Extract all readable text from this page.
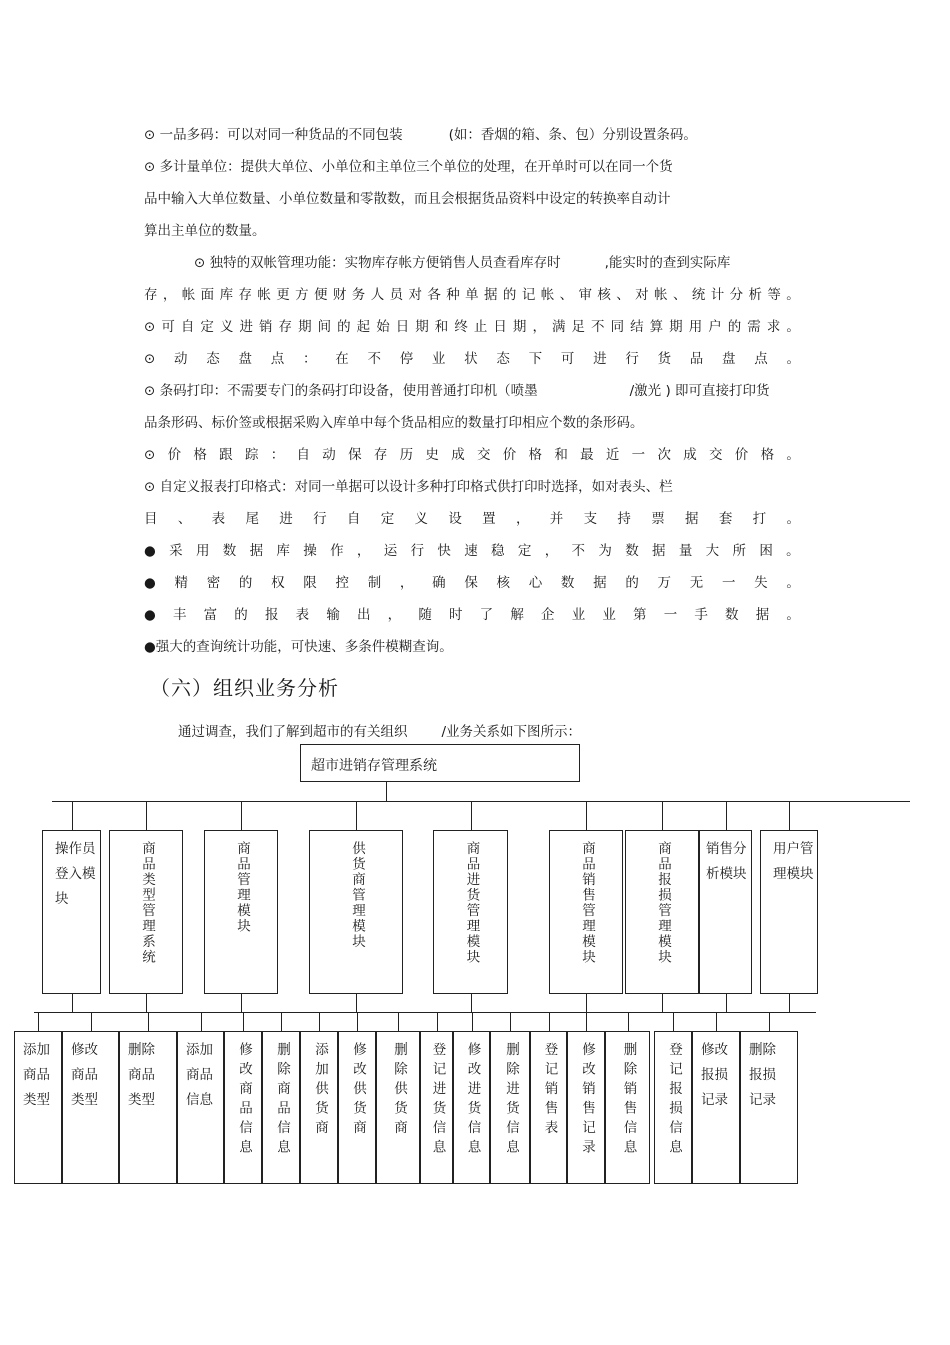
⊙ 一品多码：可以对同一种货品的不同包装	(如：香烟的箱、条、包）分别设置条码。
⊙ 多计量单位：提供大单位、小单位和主单位三个单位的处理，在开单时可以在同一个货
品中输入大单位数量、小单位数量和零散数，而且会根据货品资料中设定的转换率自动计
算出主单位的数量。
⊙ 独特的双帐管理功能：实物库存帐方便销售人员查看库存时	,能实时的查到实际库
存 ， 帐 面 库 存 帐 更 方 便 财 务 人 员 对 各 种 单 据 的 记 帐 、 审 核 、 对 帐 、 统 计 分 析 等 。
⊙ 可 自 定 义 进 销 存 期 间 的 起 始 日 期 和 终 止 日 期 ， 满 足 不 同 结 算 期 用 户 的 需 求 。
⊙ 动 态 盘 点 ： 在 不 停 业 状 态 下 可 进 行 货 品 盘 点 。
⊙ 条码打印：不需要专门的条码打印设备，使用普通打印机（喷墨	/激光 ) 即可直接打印货
品条形码、标价签或根据采购入库单中每个货品相应的数量打印相应个数的条形码。
⊙ 价 格 跟 踪 ： 自 动 保 存 历 史 成 交 价 格 和 最 近 一 次 成 交 价 格 。
⊙ 自定义报表打印格式：对同一单据可以设计多种打印格式供打印时选择，如对表头、栏
目 、 表 尾 进 行 自 定 义 设 置 ， 并 支 持 票 据 套 打 。
● 采 用 数 据 库 操 作 ， 运 行 快 速 稳 定 ， 不 为 数 据 量 大 所 困 。
● 精 密 的 权 限 控 制 ， 确 保 核 心 数 据 的 万 无 一 失 。
● 丰 富 的 报 表 输 出 ， 随 时 了 解 企 业 业 第 一 手 数 据 。
●强大的查询统计功能，可快速、多条件模糊查询。
（六）组织业务分析
通过调查，我们了解到超市的有关组织	/业务关系如下图所示：
超市进销存管理系统
操作员登入模块	商品类型管理系统	商品管理模块	供货商管理模块	商品进货管理模块	商品销售管理模块	商品报损管理模块	销售分析模块
用户管理模块
添加商品类型
修改商品类型
删除商品类型
添加商品信息	修改商品信息 删除商品信息 添加供货商 修改供货商 删除供货商 登记进货信息 修改进货信息 删除进货信息 登记销售表 修改销售记录 删除销售信息 登记报损信息 修改报损记录
删除报损记录
